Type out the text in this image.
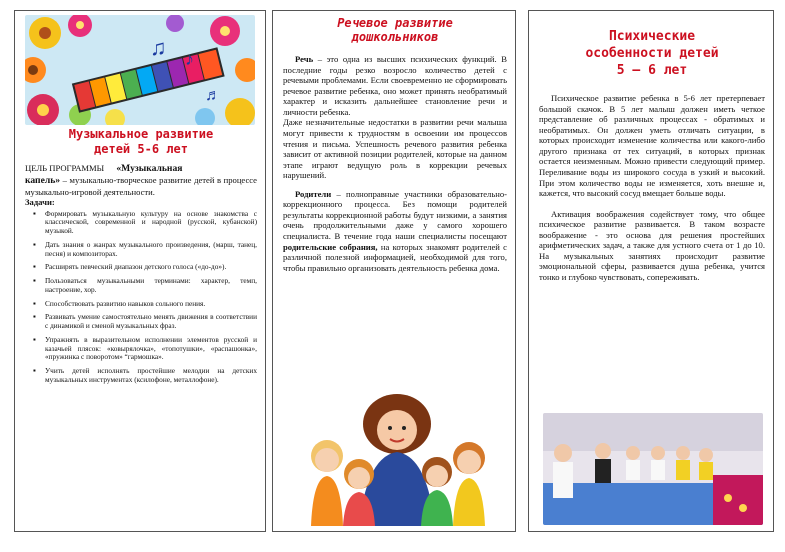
♫ ♪
♬
Музыкальное развитие
детей 5-6 лет

ЦЕЛЬ ПРОГРАММЫ «Музыкальная
капель» – музыкально-творческое развитие детей в процессе музыкально-игровой деятельности.

Задачи:

▪ Формировать музыкальную культуру на основе знакомства с классической, современной и народной (русской, кубанской) музыкой.
▪ Дать знания о жанрах музыкального произведения, (марш, танец, песня) и композиторах.
▪ Расширять певческий диапазон детского голоса («до-до»).
▪ Пользоваться музыкальными терминами: характер, темп, настроение, хор.
▪ Способствовать развитию навыков сольного пения.
▪ Развивать умение самостоятельно менять движения в соответствии с динамикой и сменой музыкальных фраз.
▪ Упражнять в выразительном исполнении элементов русской и казачьей плясок: «ковырялочка», «топотушки», «распашонка», «пружинка с поворотом» “гармошка».
▪ Учить детей исполнять простейшие мелодии на детских музыкальных инструментах (ксилофоне, металлофоне).
Речевое развитие
дошкольников

Речь – это одна из высших психических функций. В последние годы резко возросло количество детей с речевыми проблемами. Если своевременно не сформировать речевое развитие ребенка, оно может принять необратимый характер и исказить дальнейшее становление речи и личности ребенка.

Даже незначительные недостатки в развитии речи малыша могут привести к трудностям в освоении им процессов чтения и письма. Успешность речевого развития ребенка зависит от активной позиции родителей, которые на данном этапе играют ведущую роль в коррекции речевых нарушений.

Родители – полноправные участники образовательно-коррекционного процесса. Без помощи родителей результаты коррекционной работы будут низкими, а занятия очень продолжительными даже у самого хорошего специалиста. В течение года наши специалисты посещают родительские собрания, на которых знакомят родителей с различной полезной информацией, необходимой для того, чтобы правильно организовать деятельность ребенка дома.

Психические
особенности детей
5 – 6 лет

Психическое развитие ребенка в 5-6 лет претерпевает большой скачок. В 5 лет малыш должен иметь четкое представление об различных процессах - обратимых и необратимых. Он должен уметь отличать ситуации, в которых происходит изменение количества или какого-либо другого признака от тех ситуаций, в которых признак остается неизменным. Можно привести следующий пример. Переливание воды из широкого сосуда в узкий и высокий. При этом количество воды не изменяется, хоть внешне и, кажется, что высокий сосуд вмещает больше воды.

Активация воображения содействует тому, что общее психическое развитие развивается. В таком возрасте воображение - это основа для решения простейших арифметических задач, а также для устного счета от 1 до 10. На музыкальных занятиях происходит развитие эмоциональной сферы, развивается душа ребенка, учится тонко и глубоко чувствовать, сопереживать.
